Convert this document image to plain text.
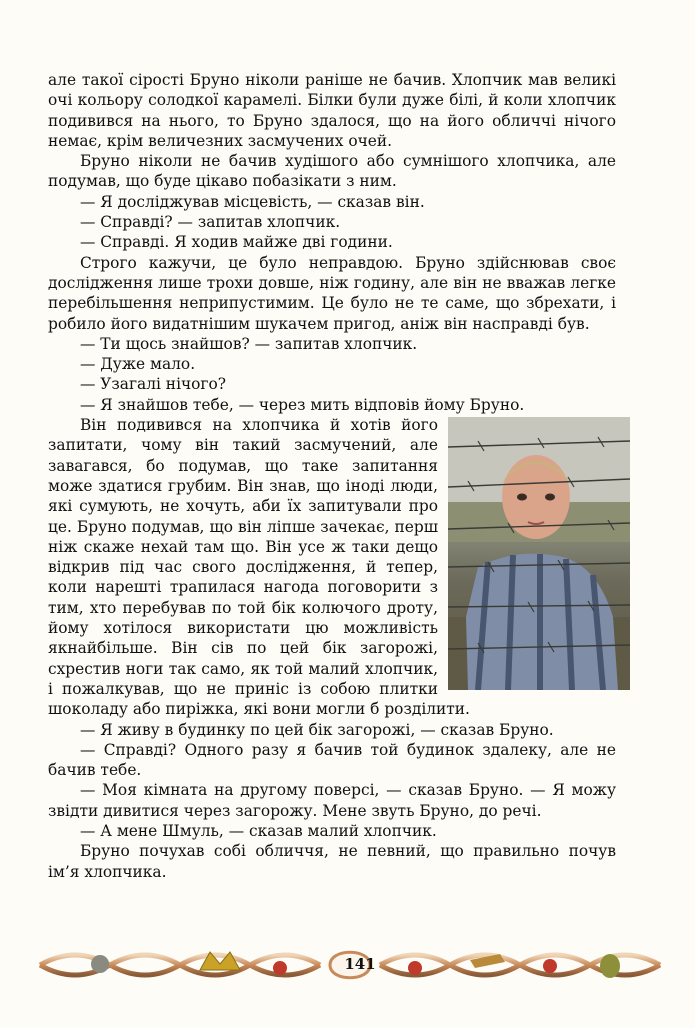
але такої сірості Бруно ніколи раніше не бачив. Хлопчик мав великі очі кольору солодкої карамелі. Білки були дуже білі, й коли хлопчик подивився на нього, то Бруно здалося, що на його обличчі нічого немає, крім величезних засмучених очей.

Бруно ніколи не бачив худішого або сумнішого хлопчика, але подумав, що буде цікаво побазікати з ним.

— Я досліджував місцевість, — сказав він.

— Справді? — запитав хлопчик.

— Справді. Я ходив майже дві години.

Строго кажучи, це було неправдою. Бруно здійснював своє дослідження лише трохи довше, ніж годину, але він не вважав легке перебільшення неприпустимим. Це було не те саме, що збрехати, і робило його видатнішим шукачем пригод, аніж він насправді був.

— Ти щось знайшов? — запитав хлопчик.

— Дуже мало.

— Узагалі нічого?

— Я знайшов тебе, — через мить відповів йому Бруно.

Він подивився на хлопчика й хотів його запитати, чому він такий засмучений, але завагався, бо подумав, що таке запитання може здатися грубим. Він знав, що іноді люди, які сумують, не хочуть, аби їх запитували про це. Бруно подумав, що він ліпше зачекає, перш ніж скаже нехай там що. Він усе ж таки дещо відкрив під час свого дослідження, й тепер, коли нарешті трапилася нагода поговорити з тим, хто перебував по той бік колючого дроту, йому хотілося використати цю можливість якнайбільше. Він сів по цей бік загорожі, схрестив ноги так само, як той малий хлопчик, і пожалкував, що не приніс із собою плитки шоколаду або пиріжка, які вони могли б розділити.

— Я живу в будинку по цей бік загорожі, — сказав Бруно.

— Справді? Одного разу я бачив той будинок здалеку, але не бачив тебе.

— Моя кімната на другому поверсі, — сказав Бруно. — Я можу звідти дивитися через загорожу. Мене звуть Бруно, до речі.

— А мене Шмуль, — сказав малий хлопчик.

Бруно почухав собі обличчя, не певний, що правильно почув ім’я хлопчика.

141
